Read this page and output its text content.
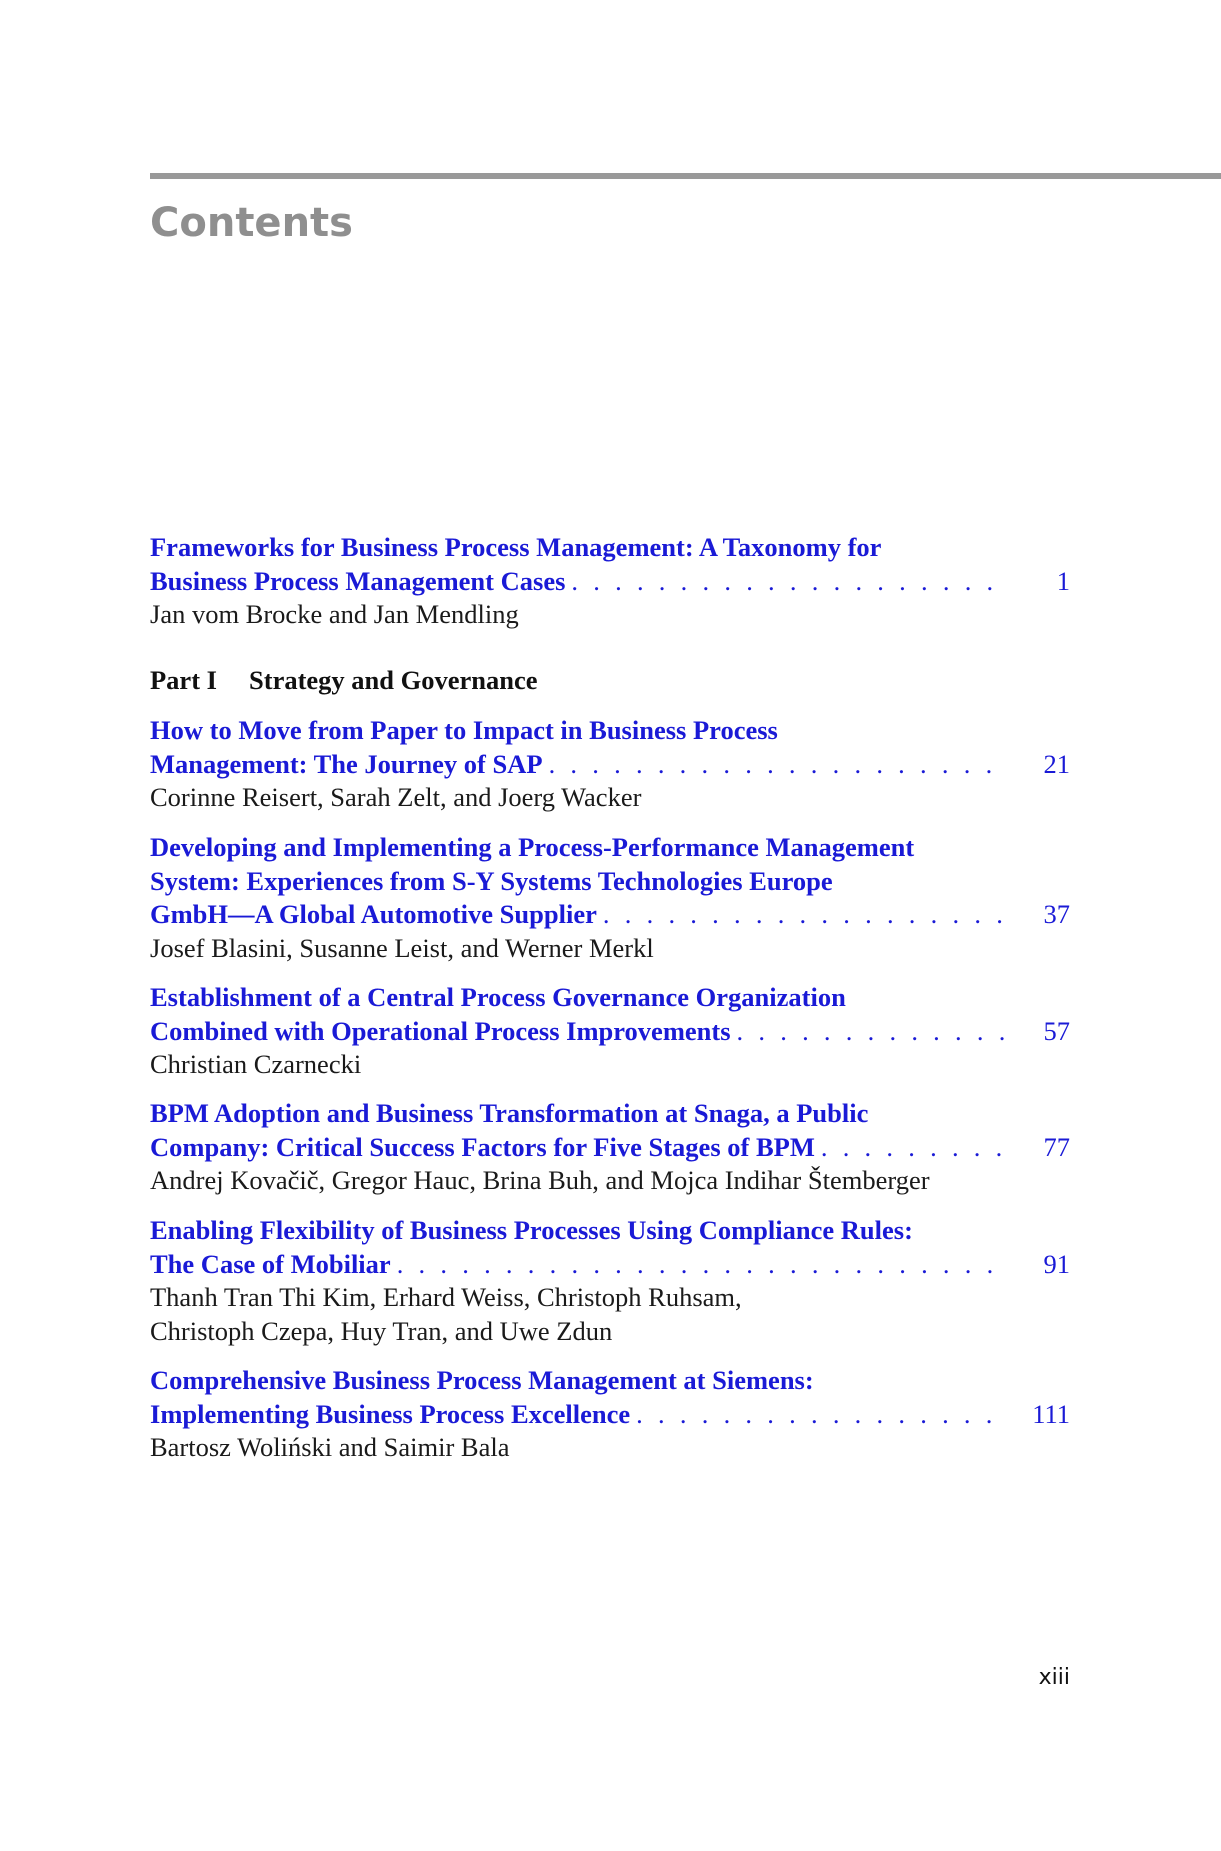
Contents
Frameworks for Business Process Management: A Taxonomy for
Business Process Management Cases . . .	1
Jan vom Brocke and Jan Mendling
Part I Strategy and Governance
How to Move from Paper to Impact in Business Process
Management: The Journey of SAP . . .	21
Corinne Reisert, Sarah Zelt, and Joerg Wacker
Developing and Implementing a Process-Performance Management
System: Experiences from S-Y Systems Technologies Europe
GmbH—A Global Automotive Supplier . . .	37
Josef Blasini, Susanne Leist, and Werner Merkl
Establishment of a Central Process Governance Organization
Combined with Operational Process Improvements . . .	57
Christian Czarnecki
BPM Adoption and Business Transformation at Snaga, a Public
Company: Critical Success Factors for Five Stages of BPM . . .	77
Andrej Kovačič, Gregor Hauc, Brina Buh, and Mojca Indihar Štemberger
Enabling Flexibility of Business Processes Using Compliance Rules:
The Case of Mobiliar . . .	91
Thanh Tran Thi Kim, Erhard Weiss, Christoph Ruhsam,
Christoph Czepa, Huy Tran, and Uwe Zdun
Comprehensive Business Process Management at Siemens:
Implementing Business Process Excellence . . .	111
Bartosz Woliński and Saimir Bala
xiii
